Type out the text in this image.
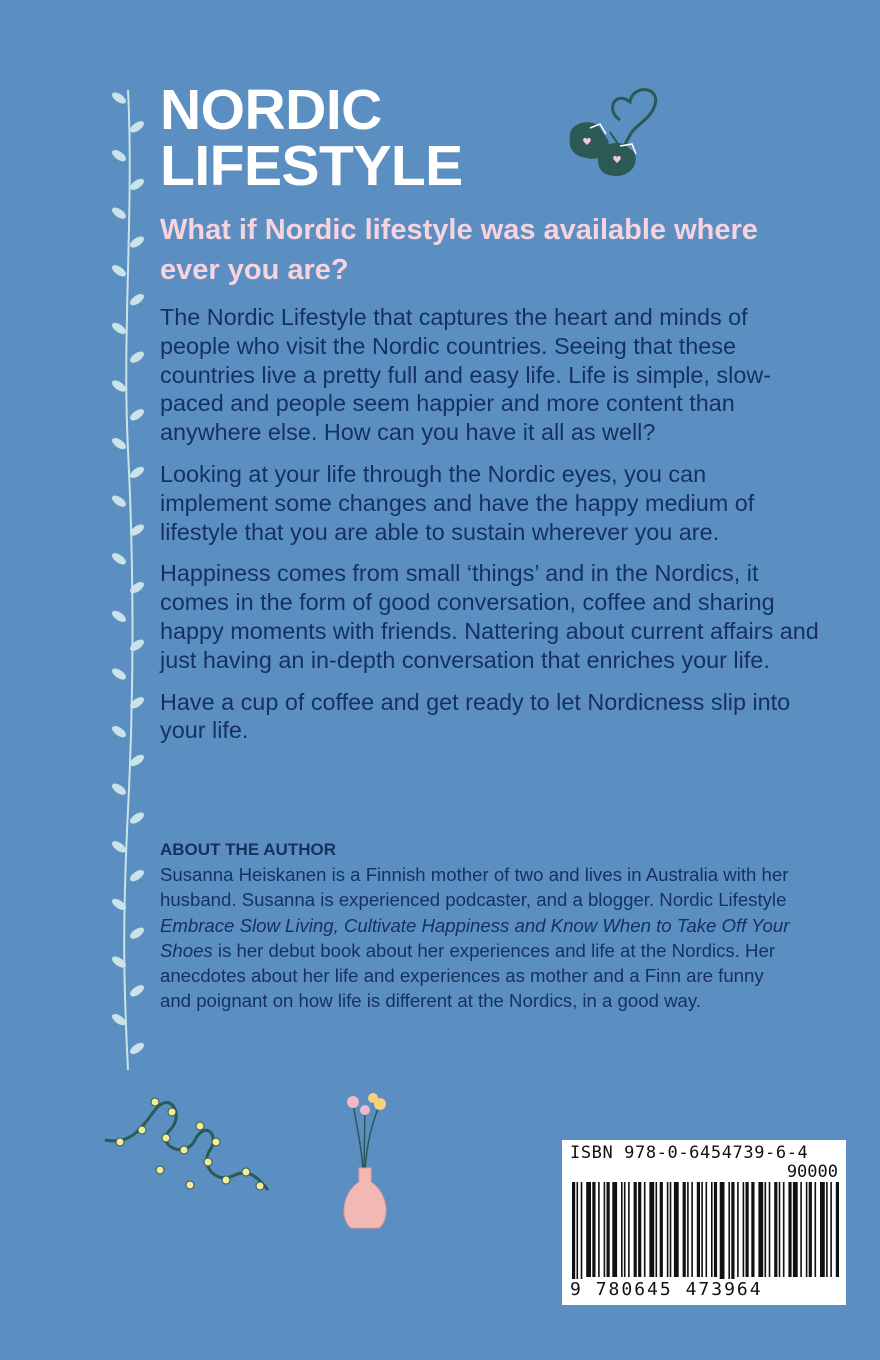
NORDIC
LIFESTYLE
What if Nordic lifestyle was available where ever you are?

The Nordic Lifestyle that captures the heart and minds of people who visit the Nordic countries. Seeing that these countries live a pretty full and easy life. Life is simple, slow-paced and people seem happier and more content than anywhere else. How can you have it all as well?

Looking at your life through the Nordic eyes, you can implement some changes and have the happy medium of lifestyle that you are able to sustain wherever you are.

Happiness comes from small ‘things’ and in the Nordics, it comes in the form of good conversation, coffee and sharing happy moments with friends. Nattering about current affairs and just having an in-depth conversation that enriches your life.

Have a cup of coffee and get ready to let Nordicness slip into your life.

ABOUT THE AUTHOR

Susanna Heiskanen is a Finnish mother of two and lives in Australia with her husband. Susanna is experienced podcaster, and a blogger. Nordic Lifestyle Embrace Slow Living, Cultivate Happiness and Know When to Take Off Your Shoes is her debut book about her experiences and life at the Nordics. Her anecdotes about her life and experiences as mother and a Finn are funny and poignant on how life is different at the Nordics, in a good way.

ISBN 978-0-6454739-6-4
90000
9 780645 473964
